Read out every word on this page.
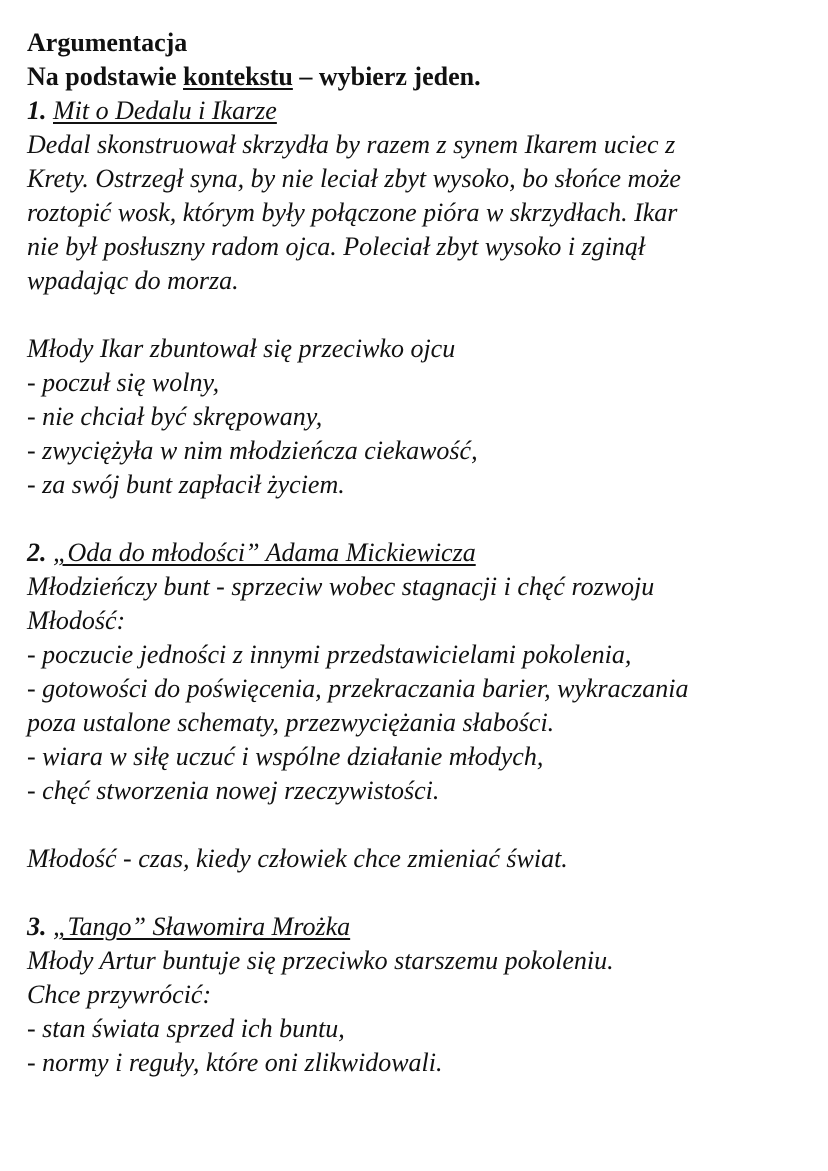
Argumentacja
Na podstawie kontekstu – wybierz jeden.
1. Mit o Dedalu i Ikarze
Dedal skonstruował skrzydła by razem z synem Ikarem uciec z
Krety. Ostrzegł syna, by nie leciał zbyt wysoko, bo słońce może
roztopić wosk, którym były połączone pióra w skrzydłach. Ikar
nie był posłuszny radom ojca. Poleciał zbyt wysoko i zginął
wpadając do morza.
Młody Ikar zbuntował się przeciwko ojcu
- poczuł się wolny,
- nie chciał być skrępowany,
- zwyciężyła w nim młodzieńcza ciekawość,
- za swój bunt zapłacił życiem.
2. „Oda do młodości” Adama Mickiewicza
Młodzieńczy bunt - sprzeciw wobec stagnacji i chęć rozwoju
Młodość:
- poczucie jedności z innymi przedstawicielami pokolenia,
- gotowości do poświęcenia, przekraczania barier, wykraczania
poza ustalone schematy, przezwyciężania słabości.
- wiara w siłę uczuć i wspólne działanie młodych,
- chęć stworzenia nowej rzeczywistości.
Młodość - czas, kiedy człowiek chce zmieniać świat.
3. „Tango” Sławomira Mrożka
Młody Artur buntuje się przeciwko starszemu pokoleniu.
Chce przywrócić:
- stan świata sprzed ich buntu,
- normy i reguły, które oni zlikwidowali.
